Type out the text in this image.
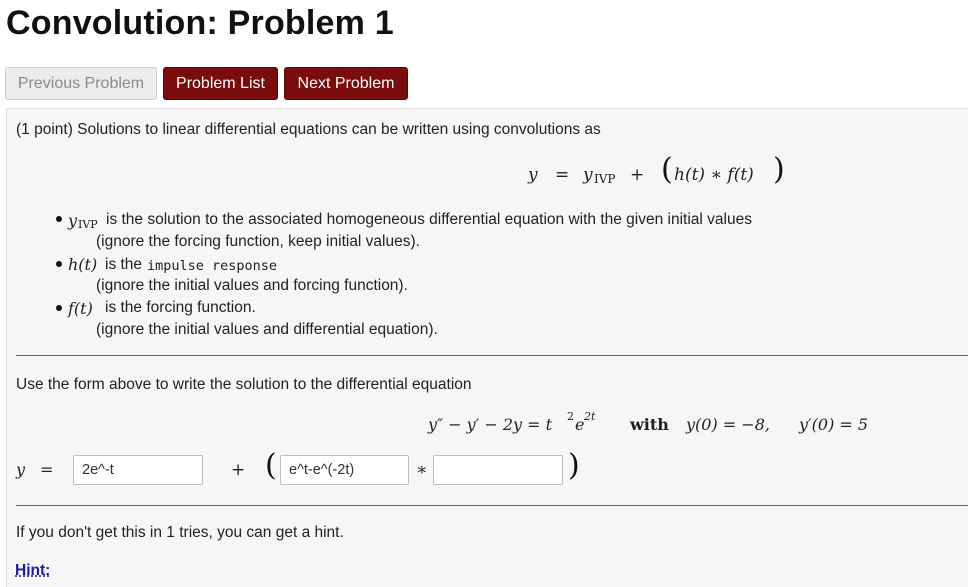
Convolution: Problem 1
Previous Problem	Problem List	Next Problem
(1 point) Solutions to linear differential equations can be written using convolutions as
y = y IVP + ( h(t) ∗ f(t) )
y IVP is the solution to the associated homogeneous differential equation with the given initial values
(ignore the forcing function, keep initial values).
h(t) is the impulse response
(ignore the initial values and forcing function).
f(t) is the forcing function.
(ignore the initial values and differential equation).
Use the form above to write the solution to the differential equation
y″ − y′ − 2y = t 2 e 2t with y(0) = −8, y′(0) = 5
y =
2e^-t	+ (
e^t-e^(-2t)	∗	)
If you don't get this in 1 tries, you can get a hint.
Hint:
